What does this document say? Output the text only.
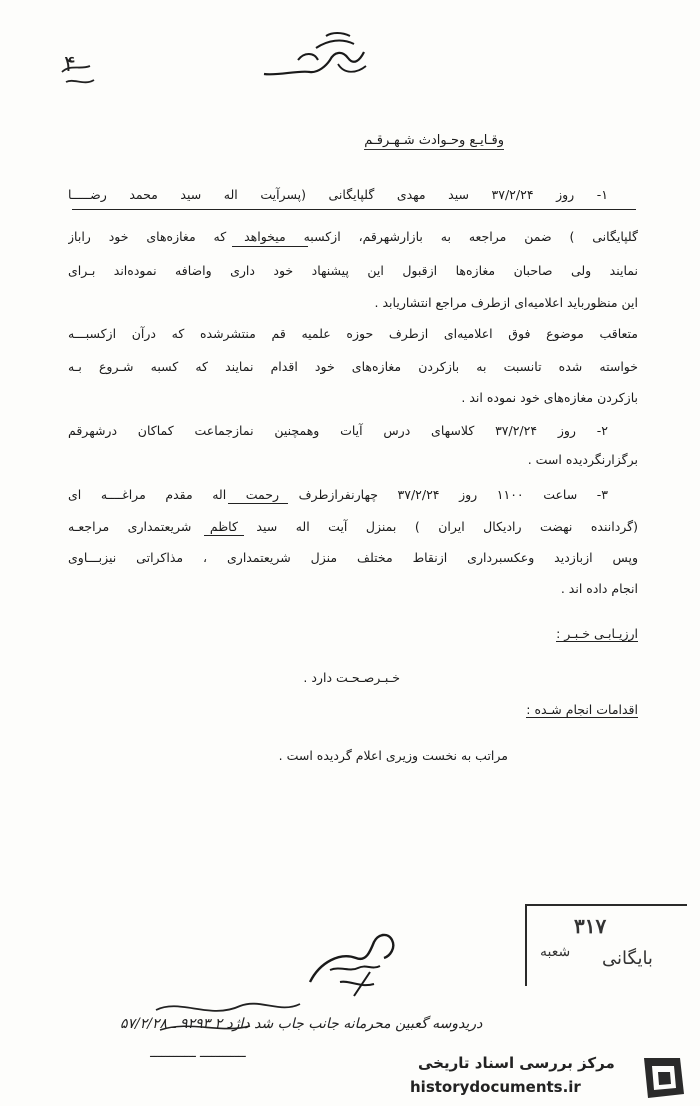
۴
وقـایـع وحـوادث شـهـرقـم
۱- روز ۳۷/۲/۲۴ سید مهدی گلپایگانی (پسرآیت اله سید محمد رضـــــا
گلپایگانی ) ضمن مراجعه به بازارشهرقم، ازکسبه میخواهد که مغازه‌های خود راباز
نمایند ولی صاحبان مغازه‌ها ازقبول این پیشنهاد خود داری واضافه نموده‌اند بـرای
این منظورباید اعلامیه‌ای ازطرف مراجع انتشاریابد .
متعاقب موضوع فوق اعلامیه‌ای ازطرف حوزه علمیه قم منتشرشده که درآن ازکسبـــه
خواسته شده تانسبت به بازکردن مغازه‌های خود اقدام نمایند که کسبه شـروع بـه
بازکردن مغازه‌های خود نموده اند .
۲- روز ۳۷/۲/۲۴ کلاسهای درس آیات وهمچنین نمازجماعت کماکان درشهرقم
برگزارنگردیده است .
۳- ساعت ۱۱۰۰ روز ۳۷/۲/۲۴ چهارنفرازطرف رحمت اله مقدم مراغــــه ای
(گرداننده نهضت رادیکال ایران ) بمنزل آیت اله سید کاظم شریعتمداری مراجعـه
وپس ازبازدید وعکسبرداری ازنقاط مختلف منزل شریعتمداری ، مذاکراتی نیزبـــاوی
انجام داده اند .
ارزیـابـی خـبـر :
خـبـرصـحـت دارد .
اقدامات انجام شـده :
مراتب به نخست وزیری اعلام گردیده است .
۳۱۷
شعبه بایگانی
دریدوسه گعبین محرمانه جانب جاب شد داژد ۲ ۹۲۹۳ ـ ۵۷/۲/۲۸
ــــــــــــ ــــــــــــ
مرکز بررسی اسناد تاریخی
historydocuments.ir
